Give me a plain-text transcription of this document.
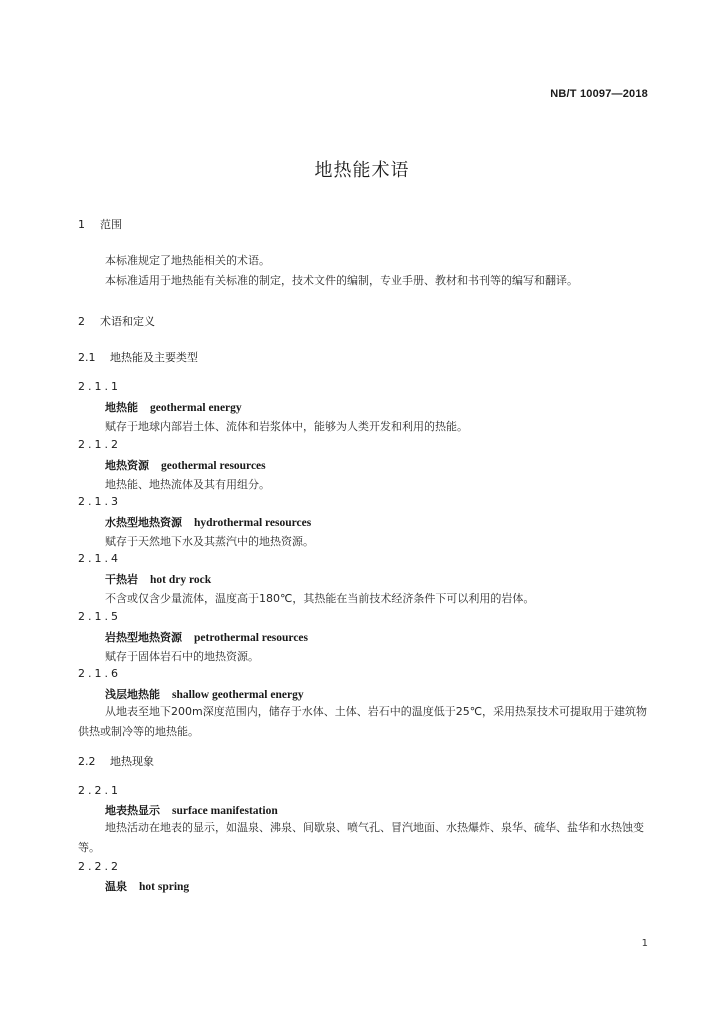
NB/T 10097—2018
地热能术语
1 范围

本标准规定了地热能相关的术语。

本标准适用于地热能有关标准的制定，技术文件的编制，专业手册、教材和书刊等的编写和翻译。

2 术语和定义
2.1 地热能及主要类型
2.1.1
地热能 geothermal energy
赋存于地球内部岩土体、流体和岩浆体中，能够为人类开发和利用的热能。
2.1.2
地热资源 geothermal resources
地热能、地热流体及其有用组分。
2.1.3
水热型地热资源 hydrothermal resources
赋存于天然地下水及其蒸汽中的地热资源。
2.1.4
干热岩 hot dry rock
不含或仅含少量流体，温度高于180℃，其热能在当前技术经济条件下可以利用的岩体。
2.1.5
岩热型地热资源 petrothermal resources
赋存于固体岩石中的地热资源。
2.1.6
浅层地热能 shallow geothermal energy
从地表至地下200m深度范围内，储存于水体、土体、岩石中的温度低于25℃，采用热泵技术可提取用于建筑物供热或制冷等的地热能。
2.2 地热现象
2.2.1
地表热显示 surface manifestation
地热活动在地表的显示，如温泉、沸泉、间歇泉、喷气孔、冒汽地面、水热爆炸、泉华、硫华、盐华和水热蚀变等。
2.2.2
温泉 hot spring
1
